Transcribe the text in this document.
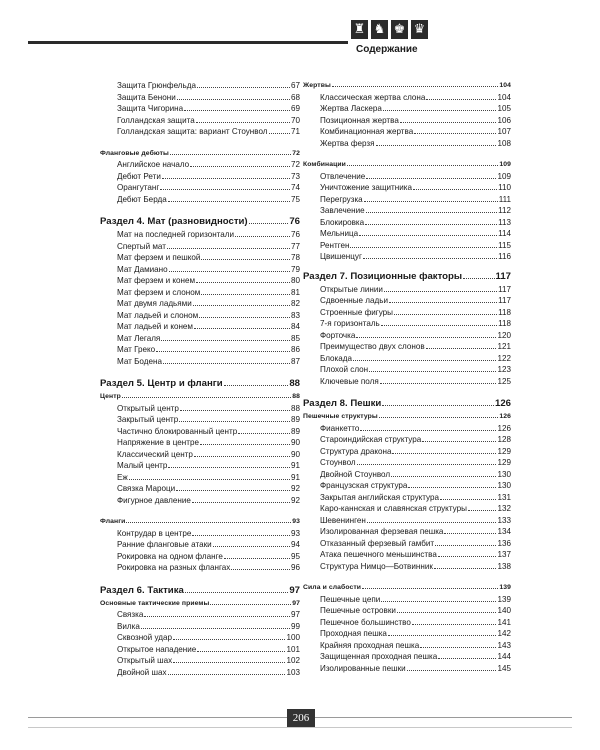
♜ ♞ ♚ ♛
Содержание
Защита Грюнфельда	67
Защита Бенони	68
Защита Чигорина	69
Голландская защита	70
Голландская защита: вариант Стоунвол	71
Фланговые дебюты	72
Английское начало	72
Дебют Рети	73
Орангутанг	74
Дебют Берда	75
Раздел 4. Мат (разновидности)	76
Мат на последней горизонтали	76
Спертый мат	77
Мат ферзем и пешкой	78
Мат Дамиано	79
Мат ферзем и конем	80
Мат ферзем и слоном	81
Мат двумя ладьями	82
Мат ладьей и слоном	83
Мат ладьей и конем	84
Мат Легаля	85
Мат Греко	86
Мат Бодена	87
Раздел 5. Центр и фланги	88
Центр	88
Открытый центр	88
Закрытый центр	89
Частично блокированный центр	89
Напряжение в центре	90
Классический центр	90
Малый центр	91
Еж	91
Связка Мароци	92
Фигурное давление	92
Фланги	93
Контрудар в центре	93
Ранние фланговые атаки	94
Рокировка на одном фланге	95
Рокировка на разных флангах	96
Раздел 6. Тактика	97
Основные тактические приемы	97
Связка	97
Вилка	99
Сквозной удар	100
Открытое нападение	101
Открытый шах	102
Двойной шах	103
Жертвы	104
Классическая жертва слона	104
Жертва Ласкера	105
Позиционная жертва	106
Комбинационная жертва	107
Жертва ферзя	108
Комбинации	109
Отвлечение	109
Уничтожение защитника	110
Перегрузка	111
Завлечение	112
Блокировка	113
Мельница	114
Рентген	115
Цвишенцуг	116
Раздел 7. Позиционные факторы	117
Открытые линии	117
Сдвоенные ладьи	117
Строенные фигуры	118
7-я горизонталь	118
Форточка	120
Преимущество двух слонов	121
Блокада	122
Плохой слон	123
Ключевые поля	125
Раздел 8. Пешки	126
Пешечные структуры	126
Фианкетто	126
Староиндийская структура	128
Структура дракона	129
Стоунвол	129
Двойной Стоунвол	130
Французская структура	130
Закрытая английская структура	131
Каро-каннская и славянская структуры	132
Шевенинген	133
Изолированная ферзевая пешка	134
Отказанный ферзевый гамбит	136
Атака пешечного меньшинства	137
Структура Нимцо—Ботвинник	138
Сила и слабости	139
Пешечные цепи	139
Пешечные островки	140
Пешечное большинство	141
Проходная пешка	142
Крайняя проходная пешка	143
Защищенная проходная пешка	144
Изолированные пешки	145
206
